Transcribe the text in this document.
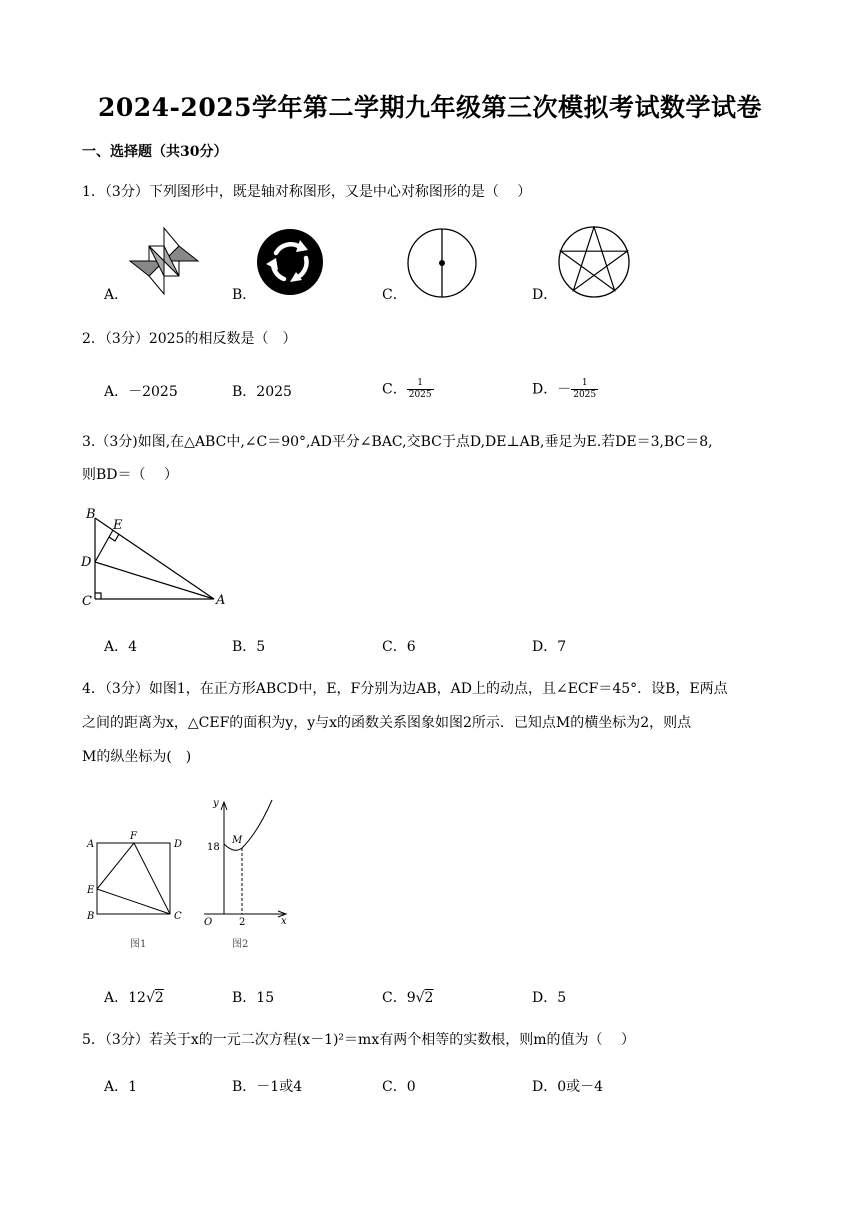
2024-2025学年第二学期九年级第三次模拟考试数学试卷
一、选择题（共30分）
1．（3分）下列图形中，既是轴对称图形，又是中心对称图形的是（　 ）
A．	B．	C．	D．
2．（3分）2025的相反数是（　）
A．－2025	B．2025	C． $\frac{1}{2025}$	D．－ $\frac{1}{2025}$
3.（3分)如图,在△ABC中,∠C＝90°,AD平分∠BAC,交BC于点D,DE⊥AB,垂足为E.若DE＝3,BC＝8,
则BD＝（　 ）
B
E
D
C	A
A．4	B．5	C．6	D．7
4．（3分）如图1，在正方形ABCD中，E，F分别为边AB，AD上的动点，且∠ECF＝45°．设B，E两点
之间的距离为x，△CEF的面积为y，y与x的函数关系图象如图2所示．已知点M的横坐标为2，则点
M的纵坐标为(　)
A
F
D
E
B	C
图1
y
M
O	x
18
2
图2
A．12√2	B．15	C．9√2	D．5
5．（3分）若关于x的一元二次方程(x－1)²＝mx有两个相等的实数根，则m的值为（　 ）
A．1	B．－1或4	C．0	D．0或－4
